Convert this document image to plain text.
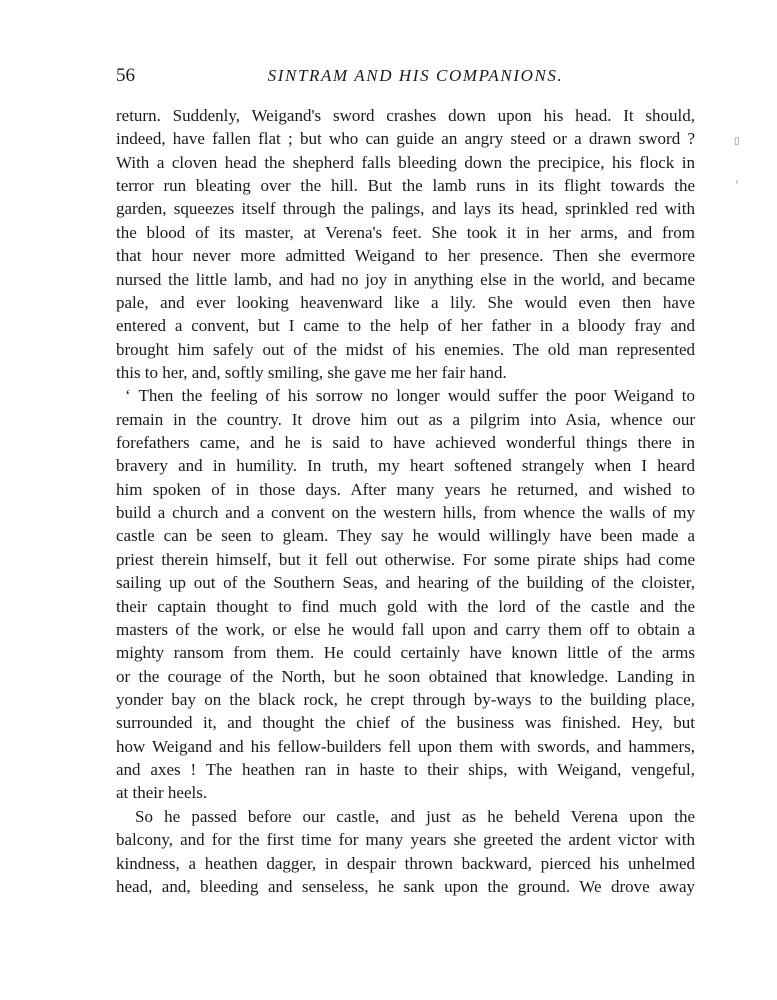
56	SINTRAM AND HIS COMPANIONS.
return. Suddenly, Weigand's sword crashes down upon his head. It should,
indeed, have fallen flat ; but who can guide an angry steed or a drawn sword ?
With a cloven head the shepherd falls bleeding down the precipice, his flock in
terror run bleating over the hill. But the lamb runs in its flight towards the
garden, squeezes itself through the palings, and lays its head, sprinkled red with
the blood of its master, at Verena's feet. She took it in her arms, and from
that hour never more admitted Weigand to her presence. Then she evermore
nursed the little lamb, and had no joy in anything else in the world, and became
pale, and ever looking heavenward like a lily. She would even then have
entered a convent, but I came to the help of her father in a bloody fray and
brought him safely out of the midst of his enemies. The old man represented
this to her, and, softly smiling, she gave me her fair hand.
‘ Then the feeling of his sorrow no longer would suffer the poor Weigand to
remain in the country. It drove him out as a pilgrim into Asia, whence our
forefathers came, and he is said to have achieved wonderful things there in
bravery and in humility. In truth, my heart softened strangely when I heard
him spoken of in those days. After many years he returned, and wished to
build a church and a convent on the western hills, from whence the walls of my
castle can be seen to gleam. They say he would willingly have been made a
priest therein himself, but it fell out otherwise. For some pirate ships had come
sailing up out of the Southern Seas, and hearing of the building of the cloister,
their captain thought to find much gold with the lord of the castle and the
masters of the work, or else he would fall upon and carry them off to obtain a
mighty ransom from them. He could certainly have known little of the arms
or the courage of the North, but he soon obtained that knowledge. Landing in
yonder bay on the black rock, he crept through by-ways to the building place,
surrounded it, and thought the chief of the business was finished. Hey, but
how Weigand and his fellow-builders fell upon them with swords, and hammers,
and axes ! The heathen ran in haste to their ships, with Weigand, vengeful,
at their heels.
So he passed before our castle, and just as he beheld Verena upon the
balcony, and for the first time for many years she greeted the ardent victor with
kindness, a heathen dagger, in despair thrown backward, pierced his unhelmed
head, and, bleeding and senseless, he sank upon the ground. We drove away
▯
ⸯ
